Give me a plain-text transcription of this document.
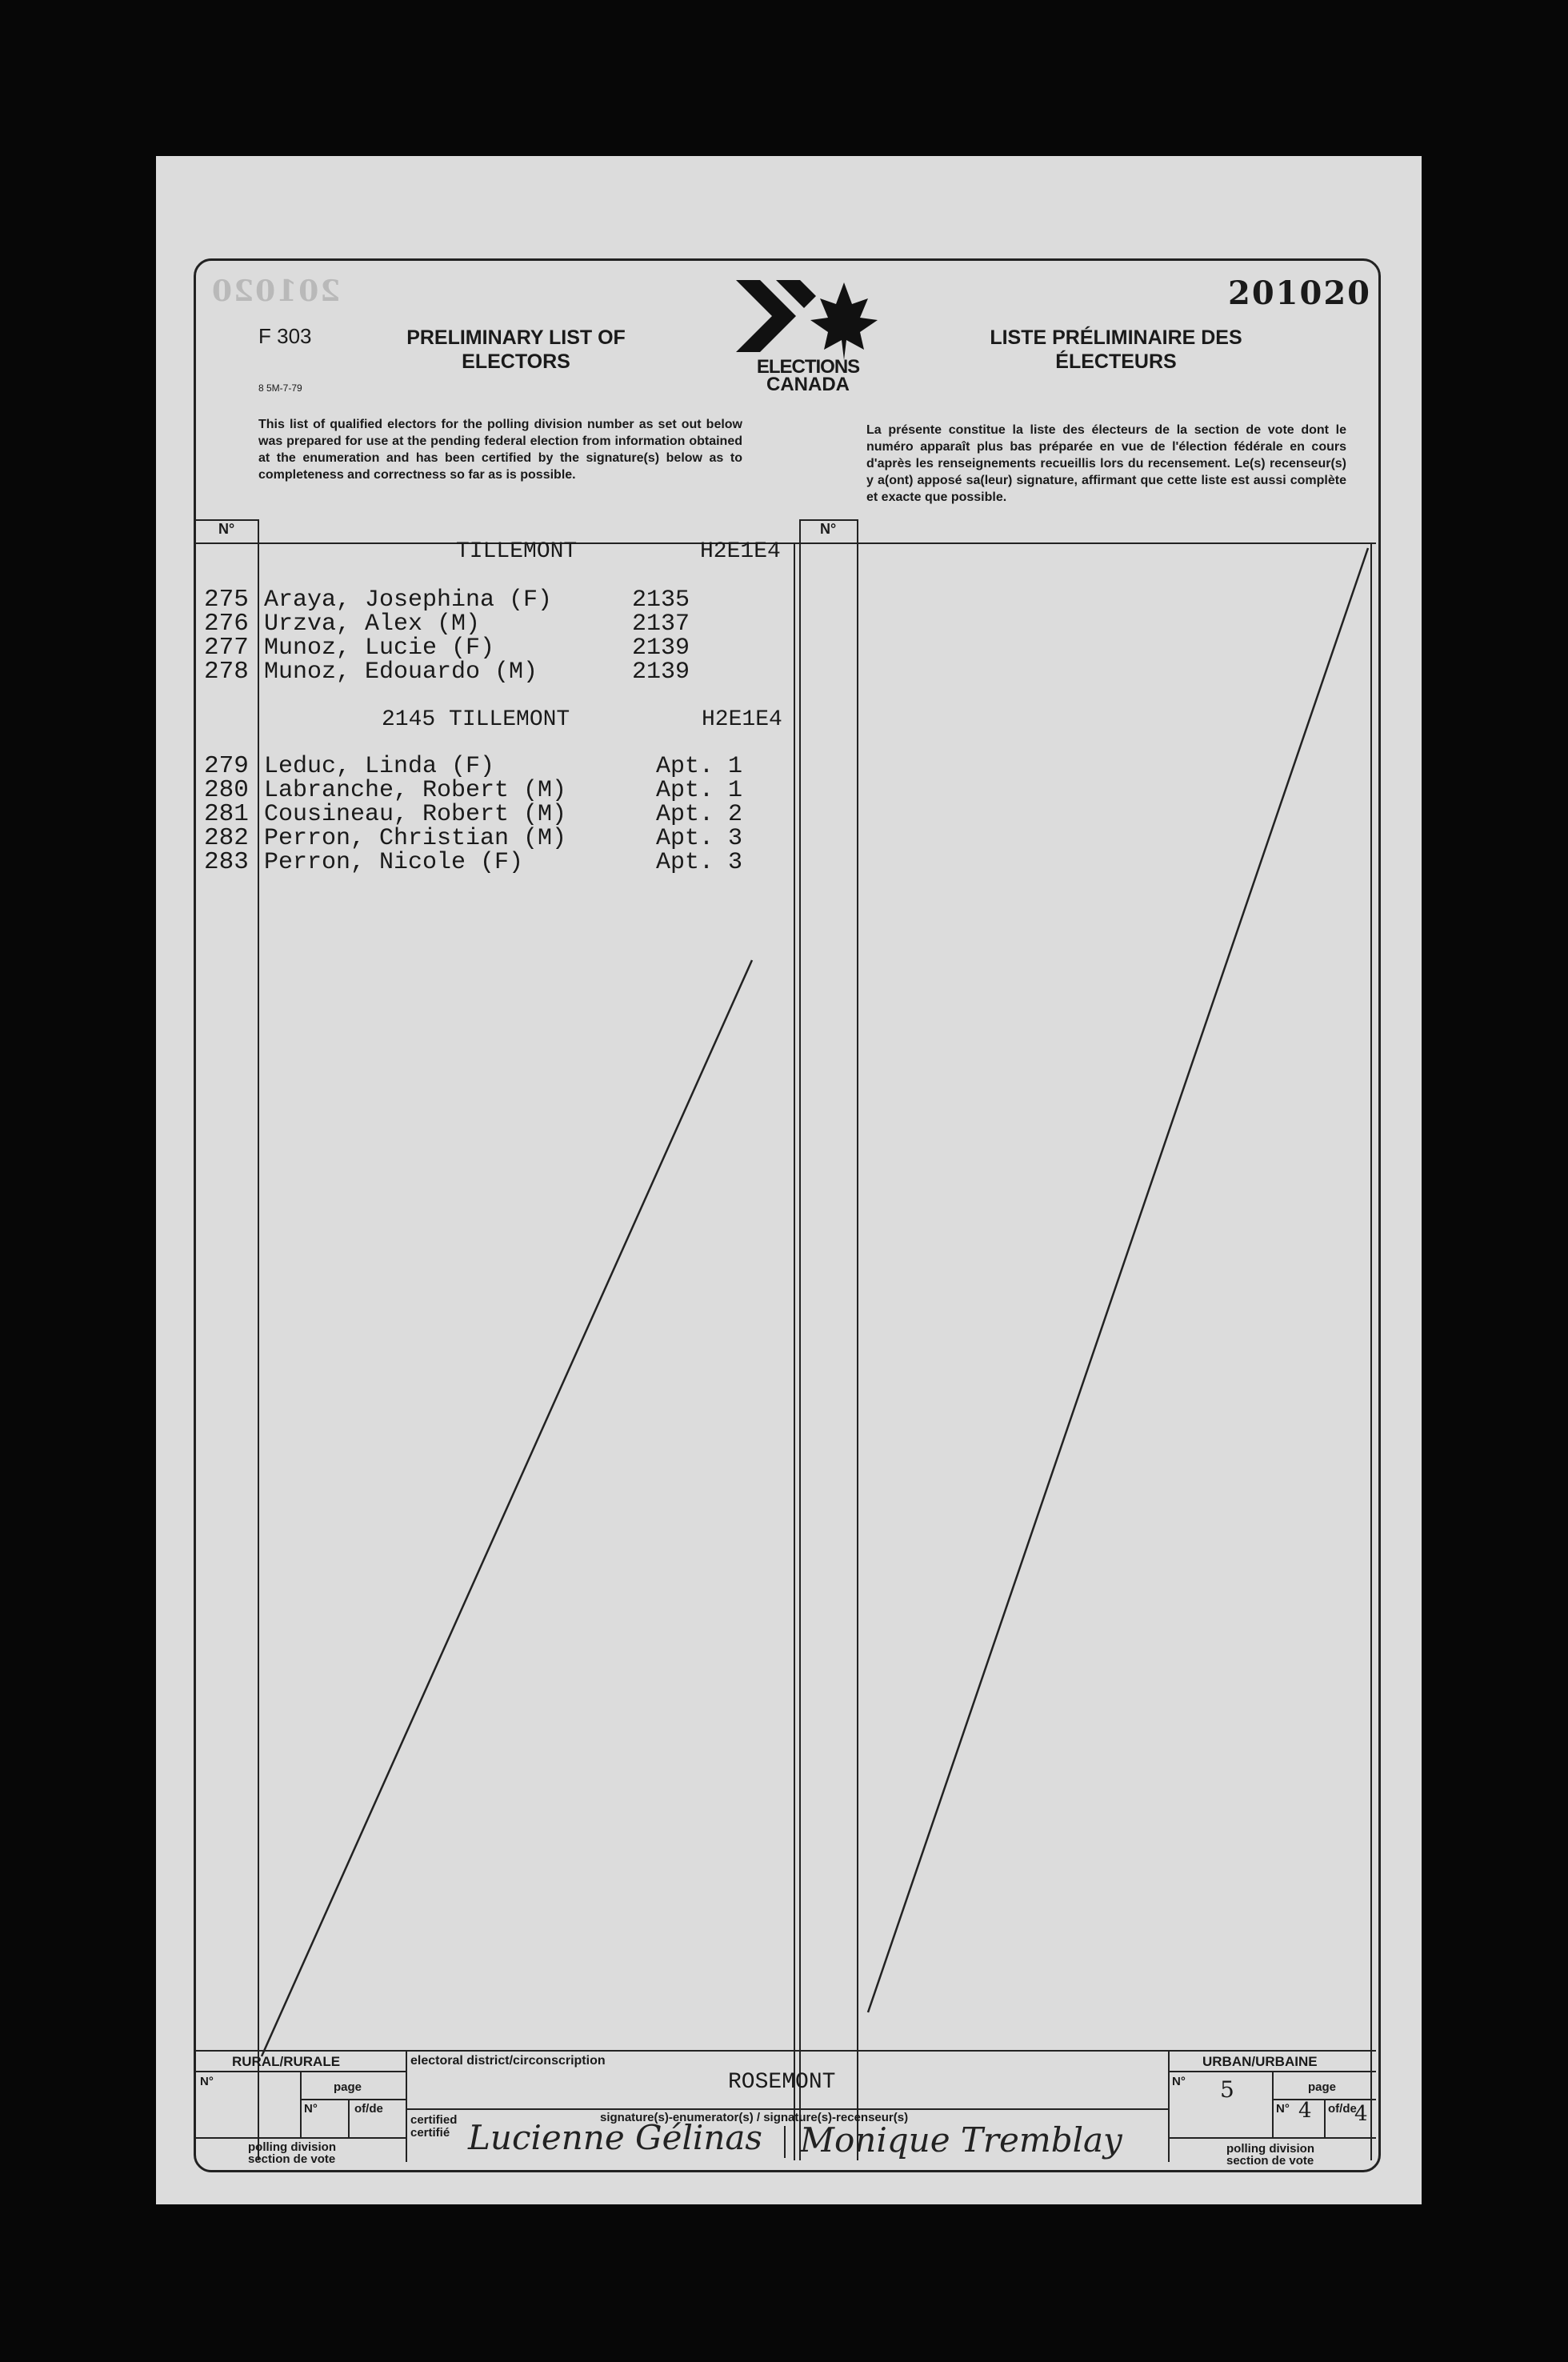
201020	201020
F 303
8 5M-7-79
PRELIMINARY LIST OF ELECTORS
LISTE PRÉLIMINAIRE DES ÉLECTEURS
ELECTIONS
CANADA
This list of qualified electors for the polling division number as set out below was prepared for use at the pending federal election from information obtained at the enumeration and has been certified by the signature(s) below as to completeness and correctness so far as is possible.
La présente constitue la liste des électeurs de la section de vote dont le numéro apparaît plus bas préparée en vue de l'élection fédérale en cours d'après les renseignements recueillis lors du recensement. Le(s) recenseur(s) y a(ont) apposé sa(leur) signature, affirmant que cette liste est aussi complète et exacte que possible.
N°	N°
TILLEMONT	H2E1E4
275 Araya, Josephina (F)	2135
276 Urzva, Alex (M)	2137
277 Munoz, Lucie (F)	2139
278 Munoz, Edouardo (M)	2139
2145 TILLEMONT	H2E1E4
279 Leduc, Linda (F)	Apt. 1
280 Labranche, Robert (M)	Apt. 1
281 Cousineau, Robert (M)	Apt. 2
282 Perron, Christian (M)	Apt. 3
283 Perron, Nicole (F)	Apt. 3
RURAL/RURALE
N°	page
N°	of/de
polling division
section de vote
electoral district/circonscription
ROSEMONT
certified
certifié
signature(s)-enumerator(s) / signature(s)-recenseur(s)
Lucienne Gélinas Monique Tremblay
URBAN/URBAINE
N° 5	page
N° 4 of/de
4
polling division
section de vote
